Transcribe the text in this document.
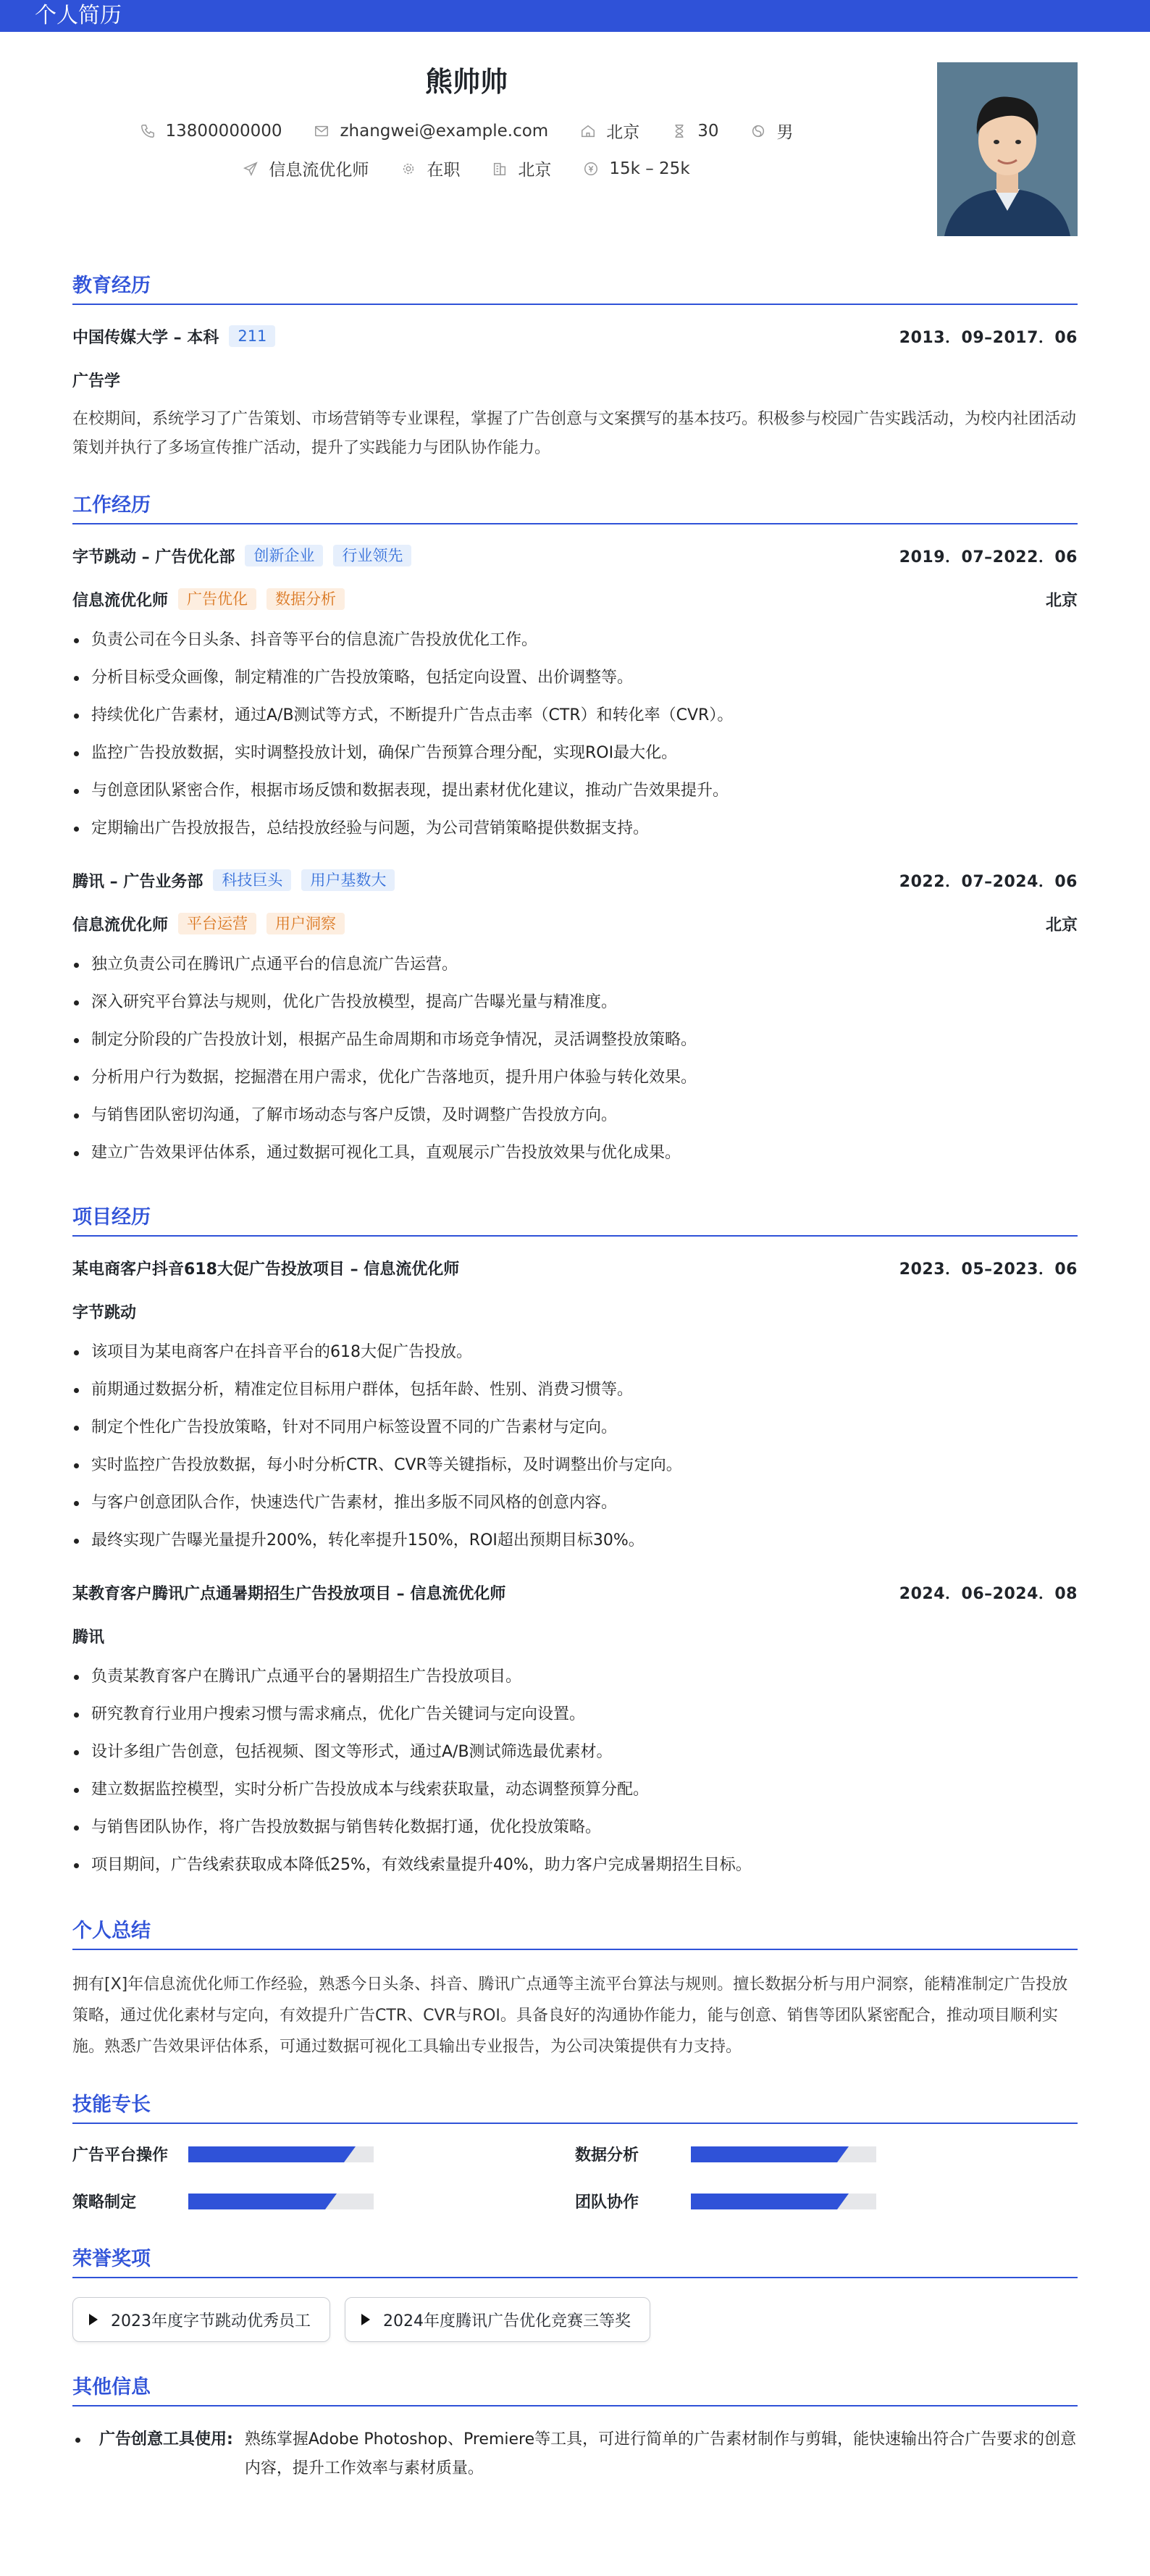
个人简历
熊帅帅
13800000000	zhangwei@example.com	北京	30	男
信息流优化师	在职	北京	15k – 25k
教育经历
中国传媒大学 – 本科	211	2013．09–2017．06
广告学
在校期间，系统学习了广告策划、市场营销等专业课程，掌握了广告创意与文案撰写的基本技巧。积极参与校园广告实践活动，为校内社团活动策划并执行了多场宣传推广活动，提升了实践能力与团队协作能力。
工作经历
字节跳动 – 广告优化部	创新企业	行业领先	2019．07–2022．06
信息流优化师	广告优化	数据分析	北京
负责公司在今日头条、抖音等平台的信息流广告投放优化工作。
分析目标受众画像，制定精准的广告投放策略，包括定向设置、出价调整等。
持续优化广告素材，通过A/B测试等方式，不断提升广告点击率（CTR）和转化率（CVR）。
监控广告投放数据，实时调整投放计划，确保广告预算合理分配，实现ROI最大化。
与创意团队紧密合作，根据市场反馈和数据表现，提出素材优化建议，推动广告效果提升。
定期输出广告投放报告，总结投放经验与问题，为公司营销策略提供数据支持。
腾讯 – 广告业务部	科技巨头	用户基数大	2022．07–2024．06
信息流优化师	平台运营	用户洞察	北京
独立负责公司在腾讯广点通平台的信息流广告运营。
深入研究平台算法与规则，优化广告投放模型，提高广告曝光量与精准度。
制定分阶段的广告投放计划，根据产品生命周期和市场竞争情况，灵活调整投放策略。
分析用户行为数据，挖掘潜在用户需求，优化广告落地页，提升用户体验与转化效果。
与销售团队密切沟通，了解市场动态与客户反馈，及时调整广告投放方向。
建立广告效果评估体系，通过数据可视化工具，直观展示广告投放效果与优化成果。
项目经历
某电商客户抖音618大促广告投放项目 – 信息流优化师	2023．05–2023．06
字节跳动
该项目为某电商客户在抖音平台的618大促广告投放。
前期通过数据分析，精准定位目标用户群体，包括年龄、性别、消费习惯等。
制定个性化广告投放策略，针对不同用户标签设置不同的广告素材与定向。
实时监控广告投放数据，每小时分析CTR、CVR等关键指标，及时调整出价与定向。
与客户创意团队合作，快速迭代广告素材，推出多版不同风格的创意内容。
最终实现广告曝光量提升200%，转化率提升150%，ROI超出预期目标30%。
某教育客户腾讯广点通暑期招生广告投放项目 – 信息流优化师	2024．06–2024．08
腾讯
负责某教育客户在腾讯广点通平台的暑期招生广告投放项目。
研究教育行业用户搜索习惯与需求痛点，优化广告关键词与定向设置。
设计多组广告创意，包括视频、图文等形式，通过A/B测试筛选最优素材。
建立数据监控模型，实时分析广告投放成本与线索获取量，动态调整预算分配。
与销售团队协作，将广告投放数据与销售转化数据打通，优化投放策略。
项目期间，广告线索获取成本降低25%，有效线索量提升40%，助力客户完成暑期招生目标。
个人总结
拥有[X]年信息流优化师工作经验，熟悉今日头条、抖音、腾讯广点通等主流平台算法与规则。擅长数据分析与用户洞察，能精准制定广告投放策略，通过优化素材与定向，有效提升广告CTR、CVR与ROI。具备良好的沟通协作能力，能与创意、销售等团队紧密配合，推动项目顺利实施。熟悉广告效果评估体系，可通过数据可视化工具输出专业报告，为公司决策提供有力支持。
技能专长
广告平台操作	数据分析
策略制定	团队协作
荣誉奖项
2023年度字节跳动优秀员工	2024年度腾讯广告优化竞赛三等奖
其他信息
广告创意工具使用: 熟练掌握Adobe Photoshop、Premiere等工具，可进行简单的广告素材制作与剪辑，能快速输出符合广告要求的创意内容，提升工作效率与素材质量。
